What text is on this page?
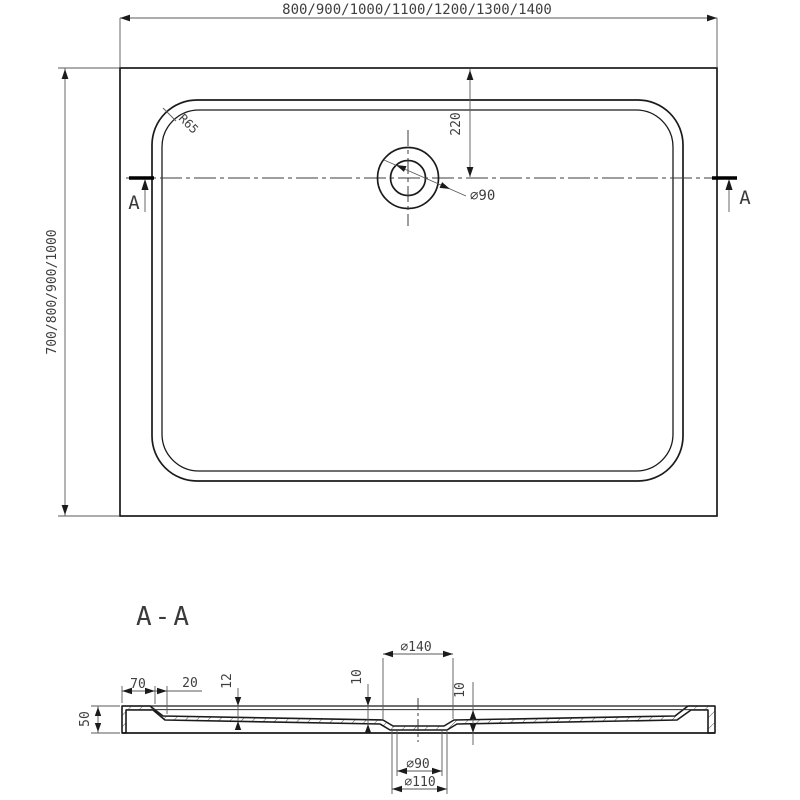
800/900/1000/1100/1200/1300/1400
700/800/900/1000
220
R65
⌀90
A	A
A-A
50
70	20 12	10
10
⌀140
⌀90
⌀110
